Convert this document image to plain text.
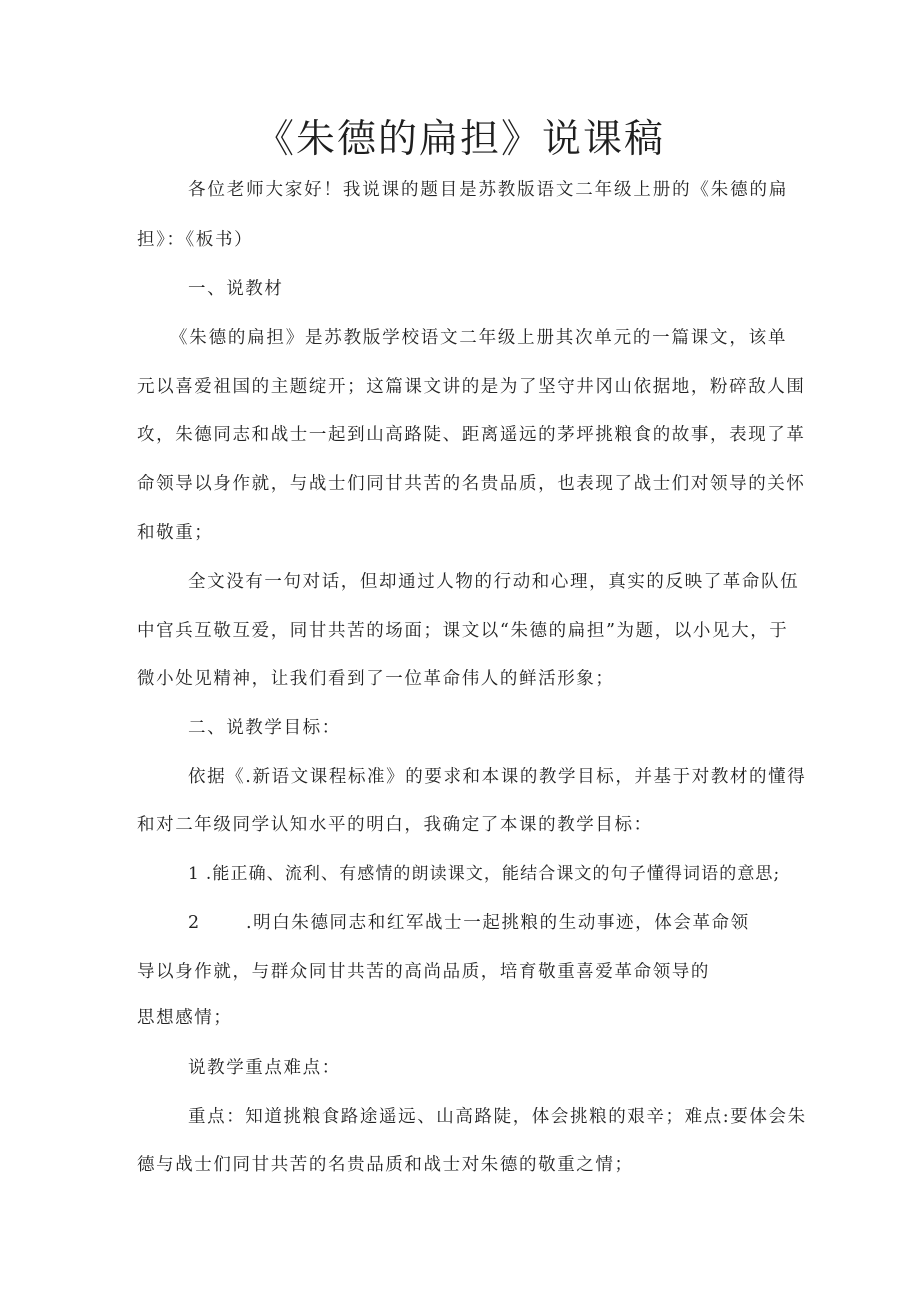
《朱德的扁担》说课稿
各位老师大家好！我说课的题目是苏教版语文二年级上册的《朱德的扁
担》：《板书）
一、说教材
《朱德的扁担》是苏教版学校语文二年级上册其次单元的一篇课文，该单
元以喜爱祖国的主题绽开；这篇课文讲的是为了坚守井冈山依据地，粉碎敌人围
攻，朱德同志和战士一起到山高路陡、距离遥远的茅坪挑粮食的故事，表现了革
命领导以身作就，与战士们同甘共苦的名贵品质，也表现了战士们对领导的关怀
和敬重；
全文没有一句对话，但却通过人物的行动和心理，真实的反映了革命队伍
中官兵互敬互爱，同甘共苦的场面；课文以“朱德的扁担”为题，以小见大，于
微小处见精神，让我们看到了一位革命伟人的鲜活形象；
二、说教学目标：
依据《.新语文课程标准》的要求和本课的教学目标，并基于对教材的懂得
和对二年级同学认知水平的明白，我确定了本课的教学目标：
1 .能正确、流利、有感情的朗读课文，能结合课文的句子懂得词语的意思;
2	.明白朱德同志和红军战士一起挑粮的生动事迹，体会革命领
导以身作就，与群众同甘共苦的高尚品质，培育敬重喜爱革命领导的
思想感情；
说教学重点难点：
重点：知道挑粮食路途遥远、山高路陡，体会挑粮的艰辛；难点:要体会朱
德与战士们同甘共苦的名贵品质和战士对朱德的敬重之情；
